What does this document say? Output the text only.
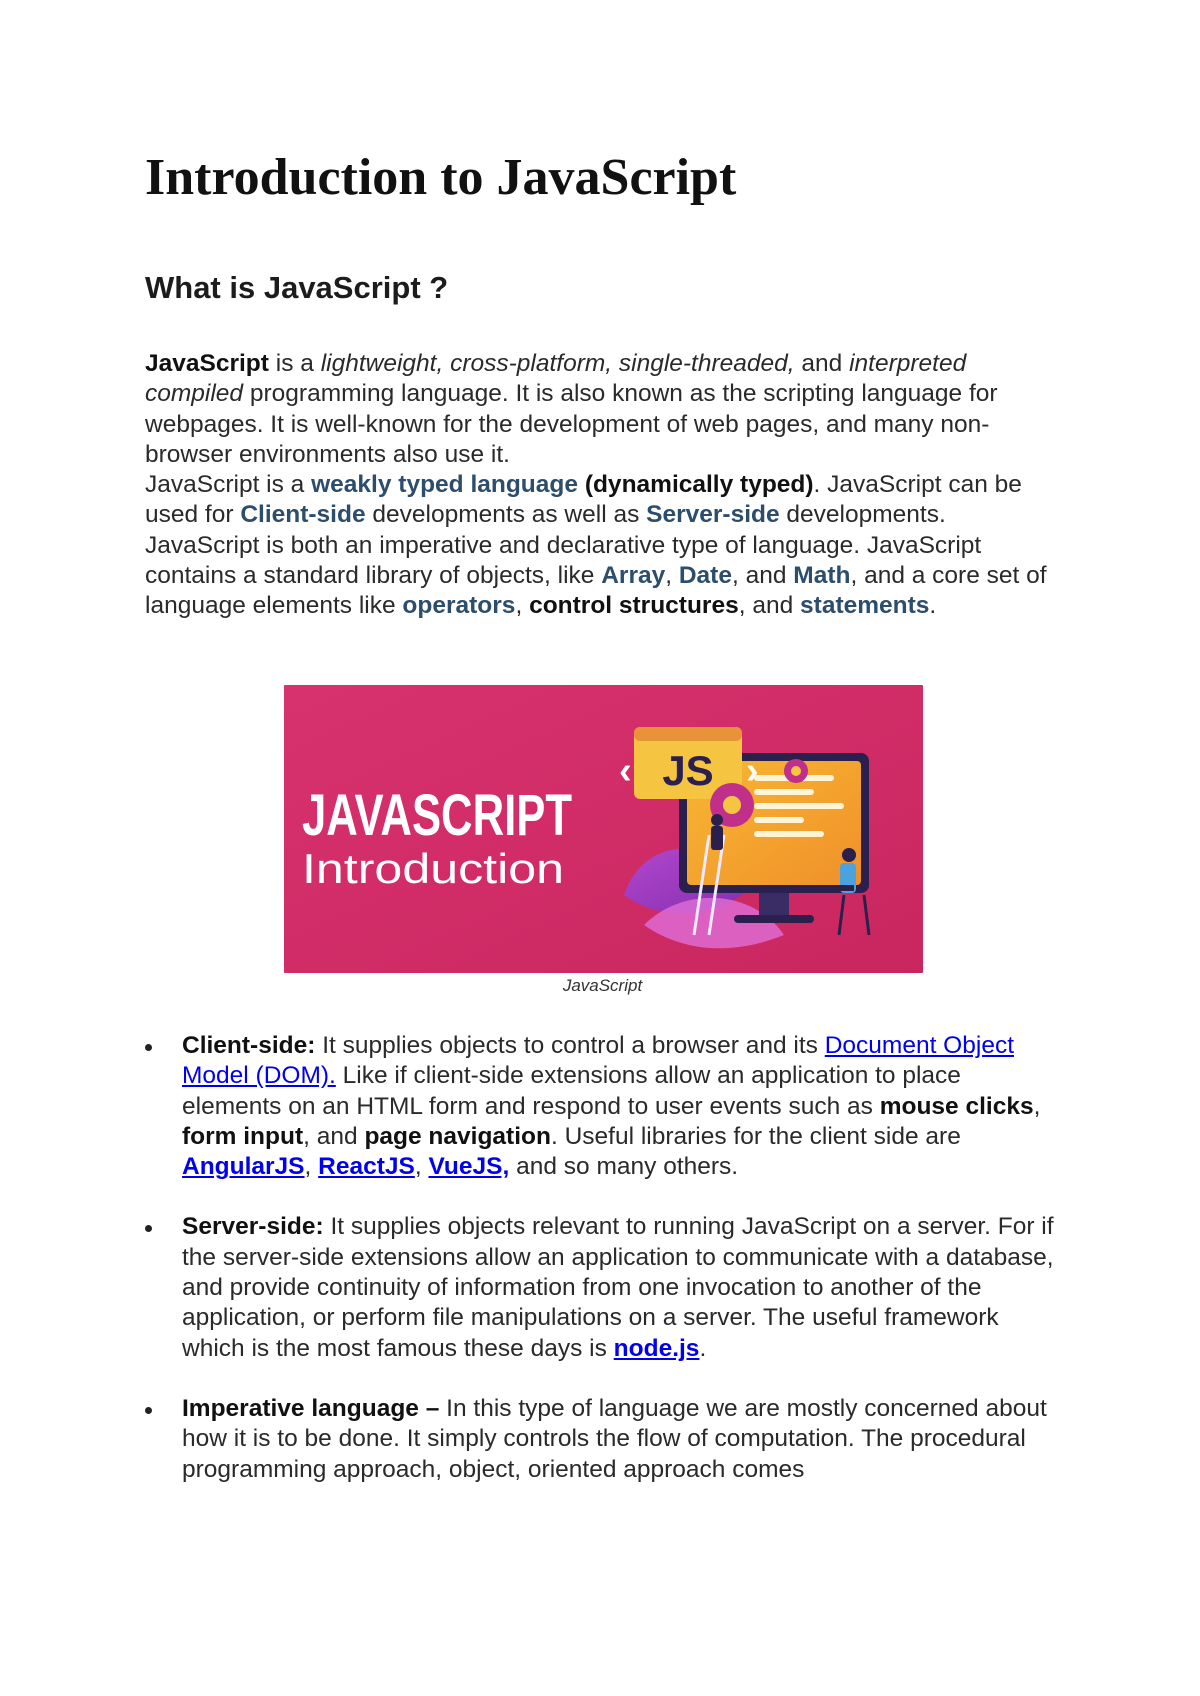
Introduction to JavaScript
What is JavaScript ?

JavaScript is a lightweight, cross-platform, single-threaded, and interpreted compiled programming language. It is also known as the scripting language for webpages. It is well-known for the development of web pages, and many non-browser environments also use it.
JavaScript is a weakly typed language (dynamically typed). JavaScript can be used for Client-side developments as well as Server-side developments. JavaScript is both an imperative and declarative type of language. JavaScript contains a standard library of objects, like Array, Date, and Math, and a core set of language elements like operators, control structures, and statements.

JS
‹	›
JAVASCRIPT
Introduction
JavaScript
Client-side: It supplies objects to control a browser and its Document Object Model (DOM). Like if client-side extensions allow an application to place elements on an HTML form and respond to user events such as mouse clicks, form input, and page navigation. Useful libraries for the client side are AngularJS, ReactJS, VueJS, and so many others.
Server-side: It supplies objects relevant to running JavaScript on a server. For if the server-side extensions allow an application to communicate with a database, and provide continuity of information from one invocation to another of the application, or perform file manipulations on a server. The useful framework which is the most famous these days is node.js.
Imperative language – In this type of language we are mostly concerned about how it is to be done. It simply controls the flow of computation. The procedural programming approach, object, oriented approach comes
